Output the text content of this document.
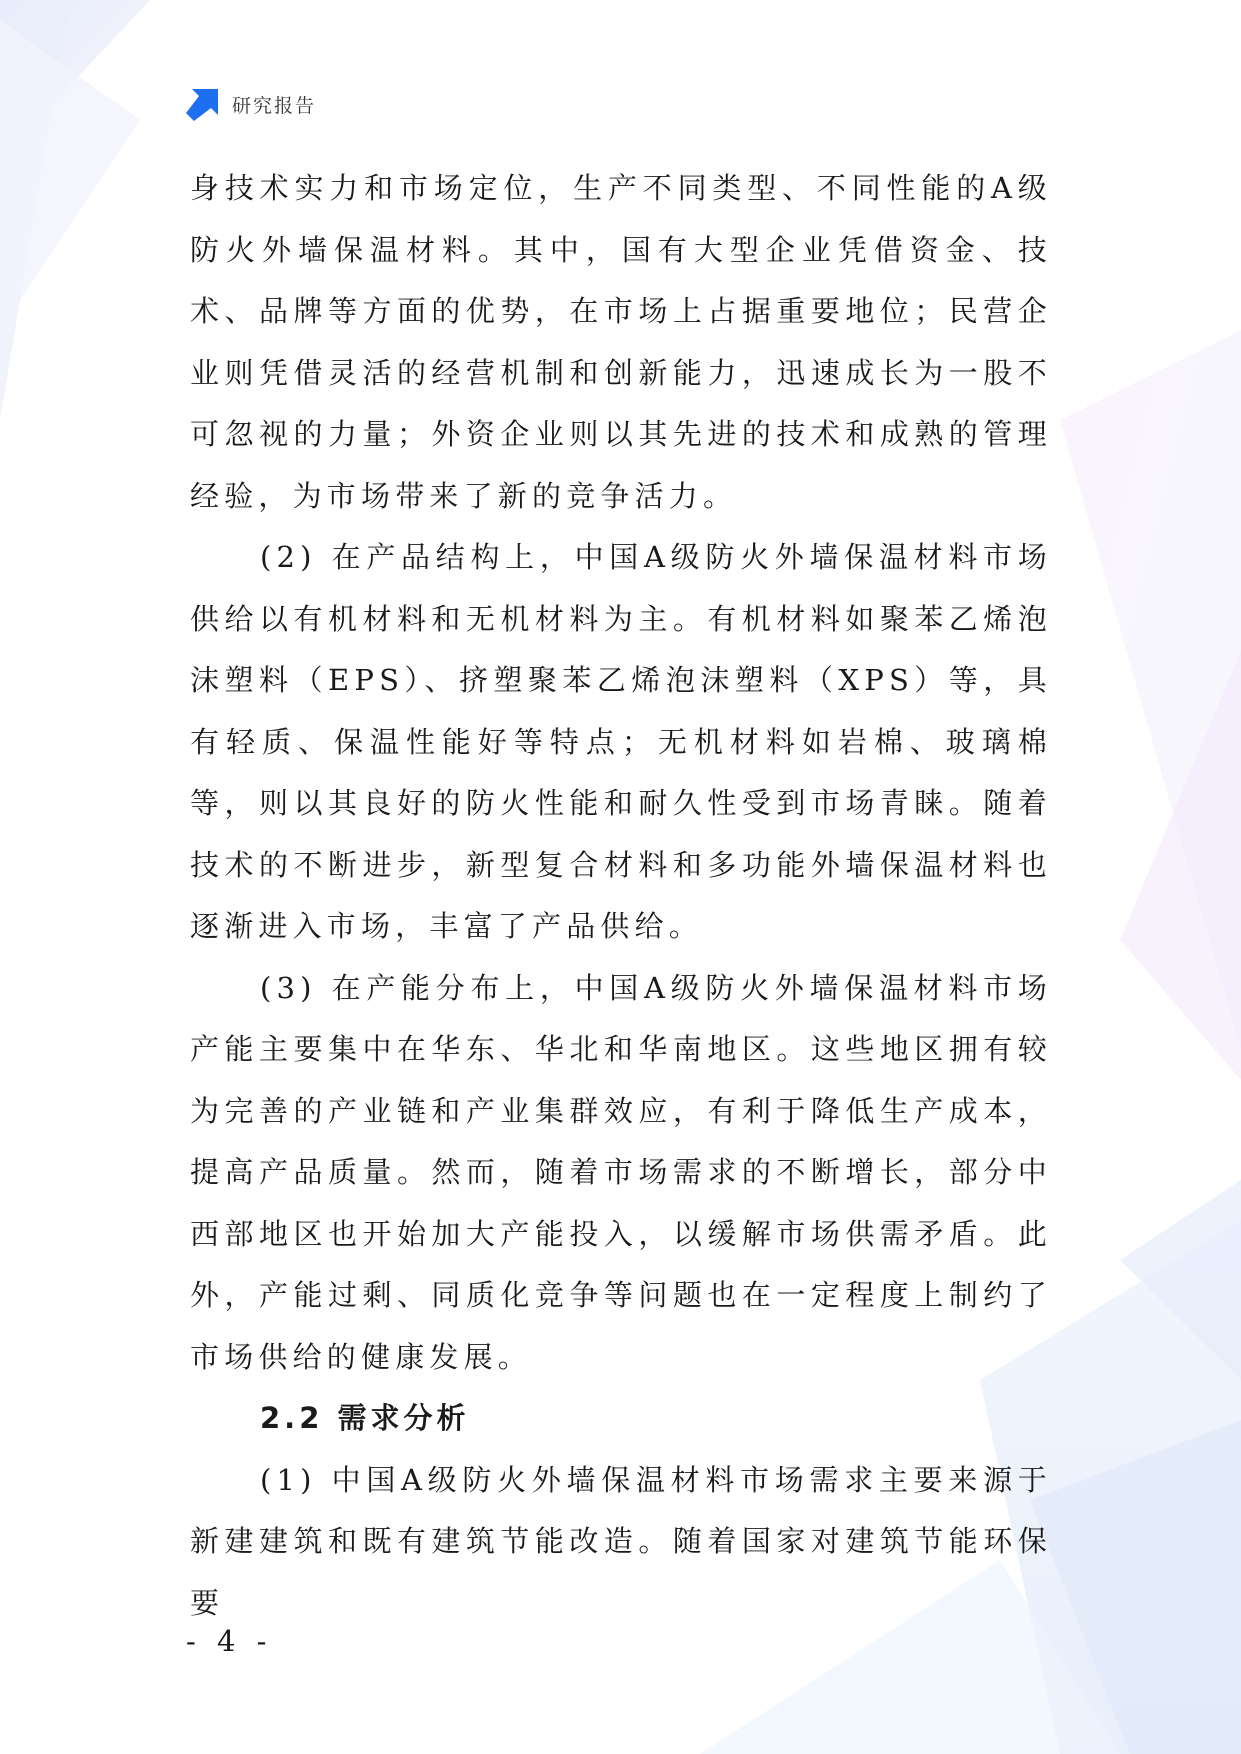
研究报告

身技术实力和市场定位，生产不同类型、不同性能的A级防火外墙保温材料。其中，国有大型企业凭借资金、技术、品牌等方面的优势，在市场上占据重要地位；民营企业则凭借灵活的经营机制和创新能力，迅速成长为一股不可忽视的力量；外资企业则以其先进的技术和成熟的管理经验，为市场带来了新的竞争活力。

(2) 在产品结构上，中国A级防火外墙保温材料市场供给以有机材料和无机材料为主。有机材料如聚苯乙烯泡沫塑料（EPS）、挤塑聚苯乙烯泡沫塑料（XPS）等，具有轻质、保温性能好等特点；无机材料如岩棉、玻璃棉等，则以其良好的防火性能和耐久性受到市场青睐。随着技术的不断进步，新型复合材料和多功能外墙保温材料也逐渐进入市场，丰富了产品供给。

(3) 在产能分布上，中国A级防火外墙保温材料市场产能主要集中在华东、华北和华南地区。这些地区拥有较为完善的产业链和产业集群效应，有利于降低生产成本，提高产品质量。然而，随着市场需求的不断增长，部分中西部地区也开始加大产能投入，以缓解市场供需矛盾。此外，产能过剩、同质化竞争等问题也在一定程度上制约了市场供给的健康发展。

2.2 需求分析

(1) 中国A级防火外墙保温材料市场需求主要来源于新建建筑和既有建筑节能改造。随着国家对建筑节能环保要

- 4 -
